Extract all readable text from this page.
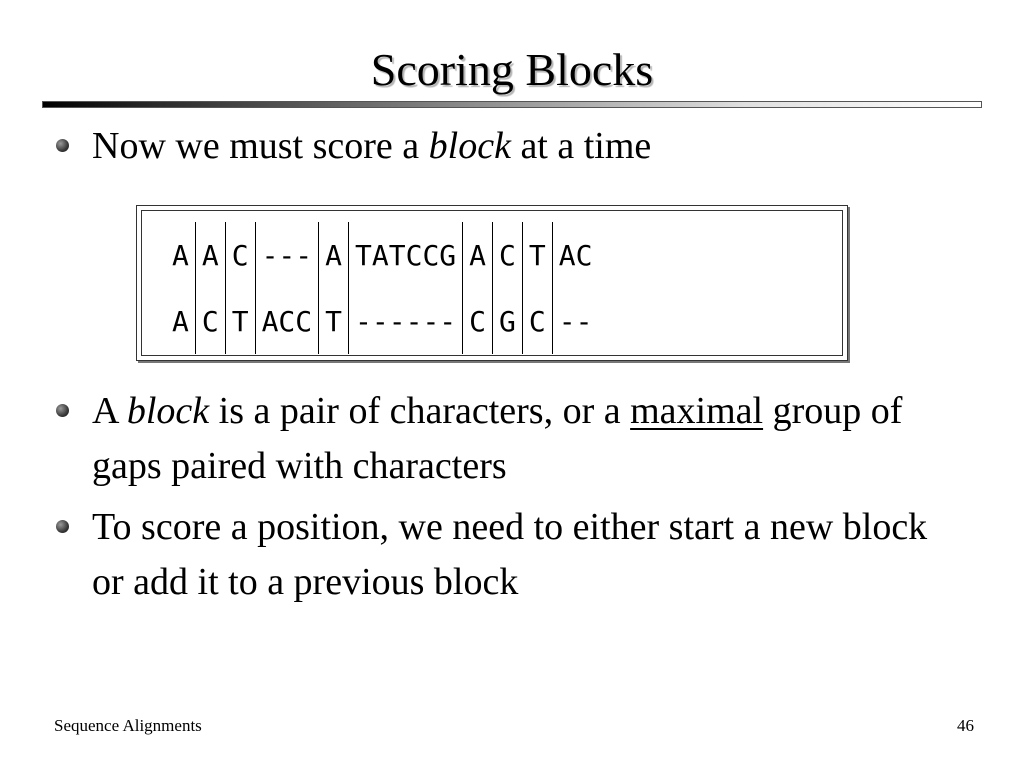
Scoring Blocks
Now we must score a block at a time
A	A	C	---	A	TATCCG	A	C	T	AC
A	C	T	ACC	T	------	C	G	C	--
A block is a pair of characters, or a maximal group of gaps paired with characters
To score a position, we need to either start a new block or add it to a previous block
Sequence Alignments	46
